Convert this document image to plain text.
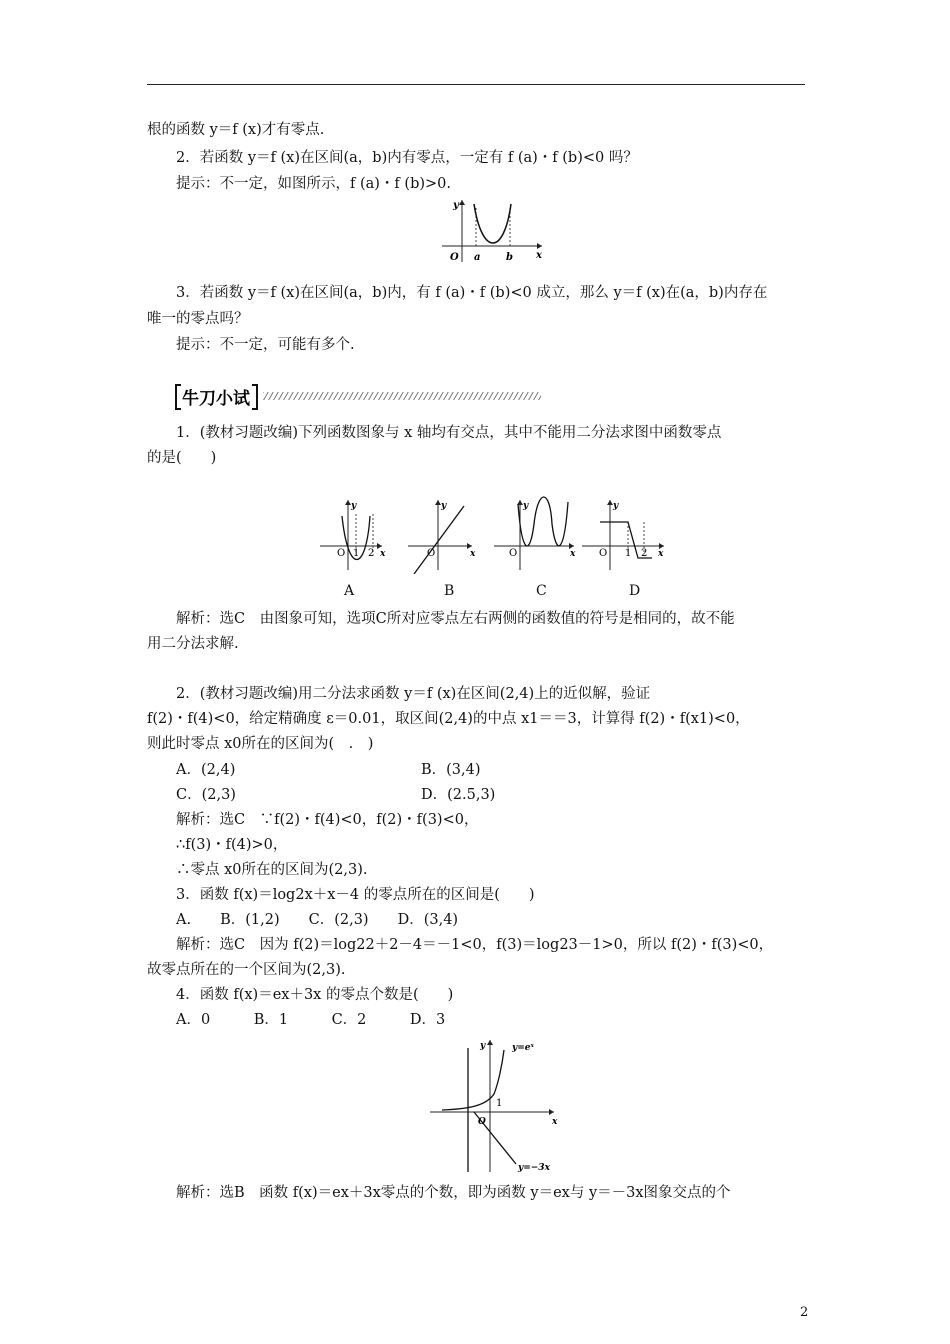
根的函数 y＝f (x)才有零点.
2．若函数 y＝f (x)在区间(a，b)内有零点，一定有 f (a)・f (b)<0 吗？
提示：不一定，如图所示，f (a)・f (b)>0.
y
O a	b x
3．若函数 y＝f (x)在区间(a，b)内，有 f (a)・f (b)<0 成立，那么 y＝f (x)在(a，b)内存在
唯一的零点吗？
提示：不一定，可能有多个.
牛刀小试
1．(教材习题改编)下列函数图象与 x 轴均有交点，其中不能用二分法求图中函数零点
的是(　　)
y
O 1 2 x
y
O	x
y
O	x
y
O 1 2 x
A	B	C	D
解析：选C　由图象可知，选项C所对应零点左右两侧的函数值的符号是相同的，故不能
用二分法求解.
2．(教材习题改编)用二分法求函数 y＝f (x)在区间(2,4)上的近似解，验证
f(2)・f(4)<0，给定精确度 ε＝0.01，取区间(2,4)的中点 x1＝＝3，计算得 f(2)・f(x1)<0，
则此时零点 x0所在的区间为(　.　)
A．(2,4)	B．(3,4)
C．(2,3)	D．(2.5,3)
解析：选C　∵f(2)・f(4)<0，f(2)・f(3)<0，
∴f(3)・f(4)>0，
∴零点 x0所在的区间为(2,3).
3．函数 f(x)＝log2x＋x－4 的零点所在的区间是(　　)
A.　　B．(1,2)　　C．(2,3)　　D．(3,4)
解析：选C　因为 f(2)＝log22＋2－4＝－1<0，f(3)＝log23－1>0，所以 f(2)・f(3)<0，
故零点所在的一个区间为(2,3).
4．函数 f(x)＝ex＋3x 的零点个数是(　　)
A．0　　　B．1　　　C．2　　　D．3
y
O
1
x
y=eˣ
y=−3x
解析：选B　函数 f(x)＝ex＋3x零点的个数，即为函数 y＝ex与 y＝－3x图象交点的个
2
